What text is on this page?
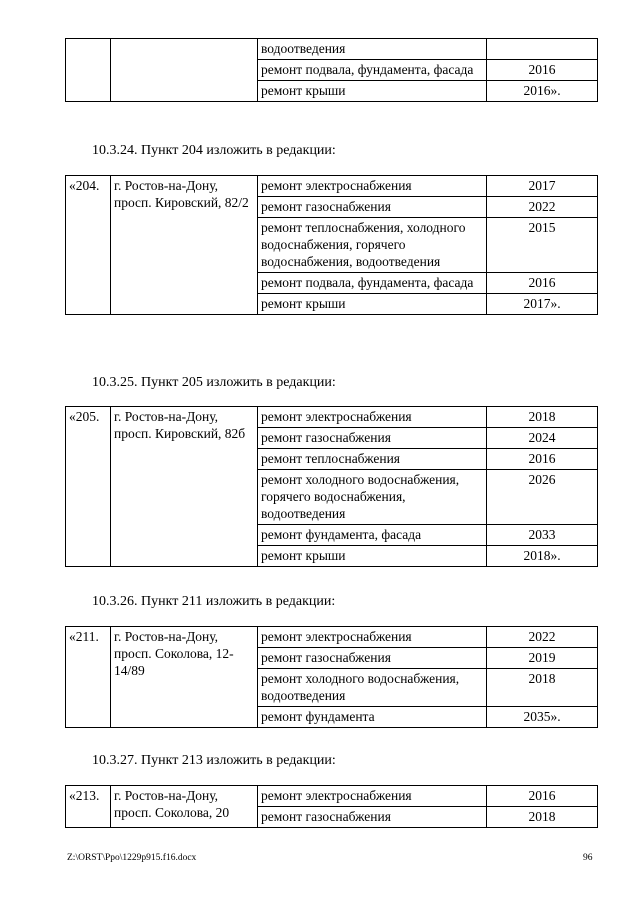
		водоотведения	
		ремонт подвала, фундамента, фасада	2016
		ремонт крыши	2016».

10.3.24. Пункт 204 изложить в редакции:

«204.	г. Ростов-на-Дону, просп. Кировский, 82/2	ремонт электроснабжения	2017
		ремонт газоснабжения	2022
		ремонт теплоснабжения, холодного водоснабжения, горячего водоснабжения, водоотведения	2015
		ремонт подвала, фундамента, фасада	2016
		ремонт крыши	2017».

10.3.25. Пункт 205 изложить в редакции:

«205.	г. Ростов-на-Дону, просп. Кировский, 82б	ремонт электроснабжения	2018
		ремонт газоснабжения	2024
		ремонт теплоснабжения	2016
		ремонт холодного водоснабжения, горячего водоснабжения, водоотведения	2026
		ремонт фундамента, фасада	2033
		ремонт крыши	2018».

10.3.26. Пункт 211 изложить в редакции:

«211.	г. Ростов-на-Дону, просп. Соколова, 12-14/89	ремонт электроснабжения	2022
		ремонт газоснабжения	2019
		ремонт холодного водоснабжения, водоотведения	2018
		ремонт фундамента	2035».

10.3.27. Пункт 213 изложить в редакции:

«213.	г. Ростов-на-Дону, просп. Соколова, 20	ремонт электроснабжения	2016
		ремонт газоснабжения	2018
Z:\ORST\Ppo\1229p915.f16.docx	96
